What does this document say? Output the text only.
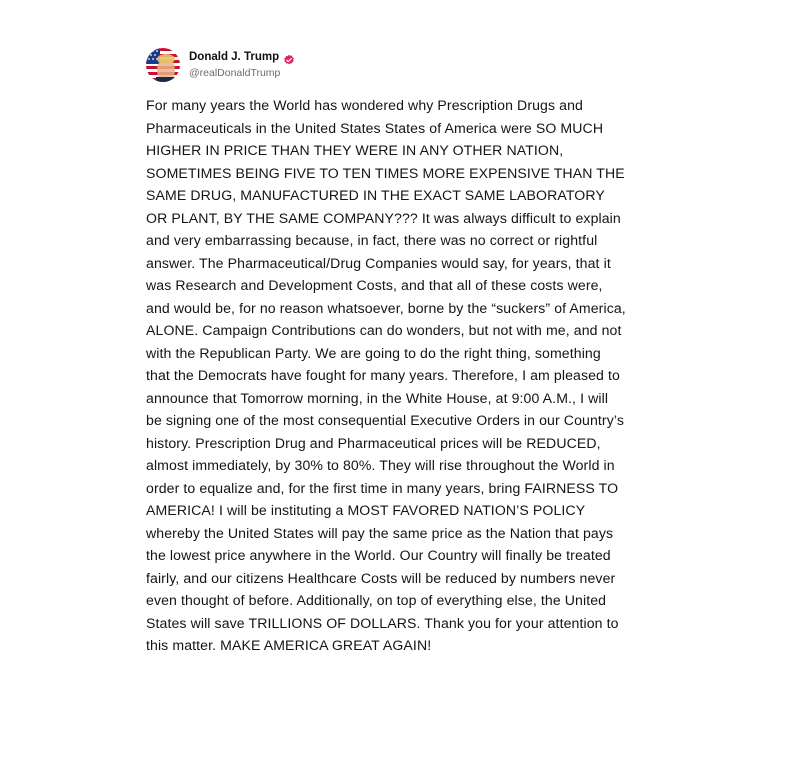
Donald J. Trump
@realDonaldTrump
For many years the World has wondered why Prescription Drugs and Pharmaceuticals in the United States States of America were SO MUCH HIGHER IN PRICE THAN THEY WERE IN ANY OTHER NATION, SOMETIMES BEING FIVE TO TEN TIMES MORE EXPENSIVE THAN THE SAME DRUG, MANUFACTURED IN THE EXACT SAME LABORATORY OR PLANT, BY THE SAME COMPANY??? It was always difficult to explain and very embarrassing because, in fact, there was no correct or rightful answer. The Pharmaceutical/Drug Companies would say, for years, that it was Research and Development Costs, and that all of these costs were, and would be, for no reason whatsoever, borne by the “suckers” of America, ALONE. Campaign Contributions can do wonders, but not with me, and not with the Republican Party. We are going to do the right thing, something that the Democrats have fought for many years. Therefore, I am pleased to announce that Tomorrow morning, in the White House, at 9:00 A.M., I will be signing one of the most consequential Executive Orders in our Country’s history. Prescription Drug and Pharmaceutical prices will be REDUCED, almost immediately, by 30% to 80%. They will rise throughout the World in order to equalize and, for the first time in many years, bring FAIRNESS TO AMERICA! I will be instituting a MOST FAVORED NATION’S POLICY whereby the United States will pay the same price as the Nation that pays the lowest price anywhere in the World. Our Country will finally be treated fairly, and our citizens Healthcare Costs will be reduced by numbers never even thought of before. Additionally, on top of everything else, the United States will save TRILLIONS OF DOLLARS. Thank you for your attention to this matter. MAKE AMERICA GREAT AGAIN!
